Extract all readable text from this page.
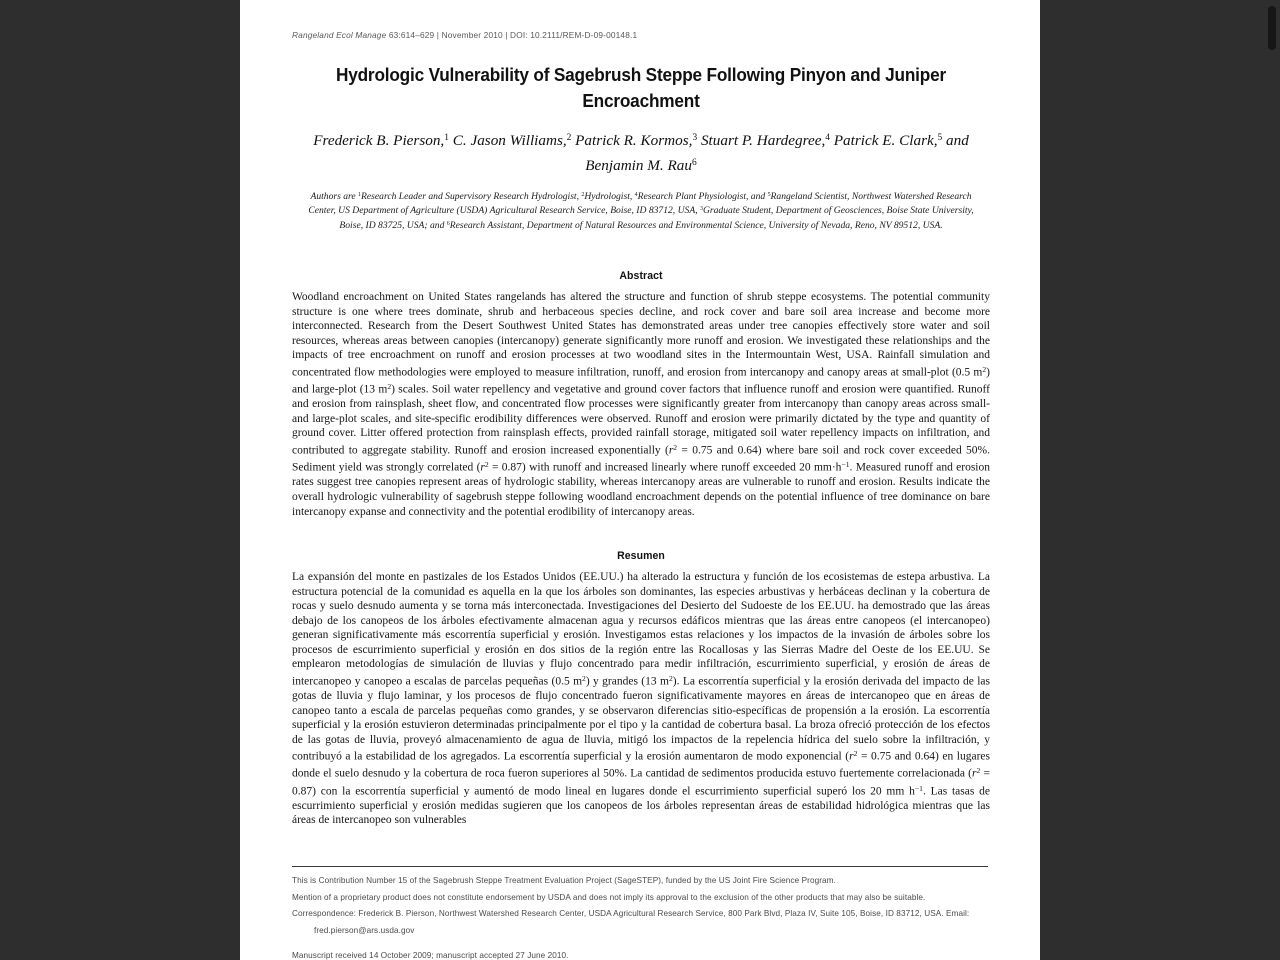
Rangeland Ecol Manage 63:614–629 | November 2010 | DOI: 10.2111/REM-D-09-00148.1
Hydrologic Vulnerability of Sagebrush Steppe Following Pinyon and Juniper Encroachment
Frederick B. Pierson,$^1$ C. Jason Williams,$^2$ Patrick R. Kormos,$^3$ Stuart P. Hardegree,$^4$ Patrick E. Clark,$^5$ and Benjamin M. Rau$^6$
Authors are $^1$Research Leader and Supervisory Research Hydrologist, $^2$Hydrologist, $^4$Research Plant Physiologist, and $^5$Rangeland Scientist, Northwest Watershed Research Center, US Department of Agriculture (USDA) Agricultural Research Service, Boise, ID 83712, USA, $^3$Graduate Student, Department of Geosciences, Boise State University, Boise, ID 83725, USA; and $^6$Research Assistant, Department of Natural Resources and Environmental Science, University of Nevada, Reno, NV 89512, USA.
Abstract

Woodland encroachment on United States rangelands has altered the structure and function of shrub steppe ecosystems. The potential community structure is one where trees dominate, shrub and herbaceous species decline, and rock cover and bare soil area increase and become more interconnected. Research from the Desert Southwest United States has demonstrated areas under tree canopies effectively store water and soil resources, whereas areas between canopies (intercanopy) generate significantly more runoff and erosion. We investigated these relationships and the impacts of tree encroachment on runoff and erosion processes at two woodland sites in the Intermountain West, USA. Rainfall simulation and concentrated flow methodologies were employed to measure infiltration, runoff, and erosion from intercanopy and canopy areas at small-plot (0.5 $m^2$) and large-plot (13 $m^2$) scales. Soil water repellency and vegetative and ground cover factors that influence runoff and erosion were quantified. Runoff and erosion from rainsplash, sheet flow, and concentrated flow processes were significantly greater from intercanopy than canopy areas across small- and large-plot scales, and site-specific erodibility differences were observed. Runoff and erosion were primarily dictated by the type and quantity of ground cover. Litter offered protection from rainsplash effects, provided rainfall storage, mitigated soil water repellency impacts on infiltration, and contributed to aggregate stability. Runoff and erosion increased exponentially ($r^2 = 0.75$ and 0.64) where bare soil and rock cover exceeded 50%. Sediment yield was strongly correlated $(r^2 = 0.87)$ with runoff and increased linearly where runoff exceeded 20 $mm\cdot h^{-1}$. Measured runoff and erosion rates suggest tree canopies represent areas of hydrologic stability, whereas intercanopy areas are vulnerable to runoff and erosion. Results indicate the overall hydrologic vulnerability of sagebrush steppe following woodland encroachment depends on the potential influence of tree dominance on bare intercanopy expanse and connectivity and the potential erodibility of intercanopy areas.

Resumen

La expansión del monte en pastizales de los Estados Unidos (EE.UU.) ha alterado la estructura y función de los ecosistemas de estepa arbustiva. La estructura potencial de la comunidad es aquella en la que los árboles son dominantes, las especies arbustivas y herbáceas declinan y la cobertura de rocas y suelo desnudo aumenta y se torna más interconectada. Investigaciones del Desierto del Sudoeste de los EE.UU. ha demostrado que las áreas debajo de los canopeos de los árboles efectivamente almacenan agua y recursos edáficos mientras que las áreas entre canopeos (el intercanopeo) generan significativamente más escorrentía superficial y erosión. Investigamos estas relaciones y los impactos de la invasión de árboles sobre los procesos de escurrimiento superficial y erosión en dos sitios de la región entre las Rocallosas y las Sierras Madre del Oeste de los EE.UU. Se emplearon metodologías de simulación de lluvias y flujo concentrado para medir infiltración, escurrimiento superficial, y erosión de áreas de intercanopeo y canopeo a escalas de parcelas pequeñas (0.5 $m^2$) y grandes (13 $m^2$). La escorrentía superficial y la erosión derivada del impacto de las gotas de lluvia y flujo laminar, y los procesos de flujo concentrado fueron significativamente mayores en áreas de intercanopeo que en áreas de canopeo tanto a escala de parcelas pequeñas como grandes, y se observaron diferencias sitio-específicas de propensión a la erosión. La escorrentía superficial y la erosión estuvieron determinadas principalmente por el tipo y la cantidad de cobertura basal. La broza ofreció protección de los efectos de las gotas de lluvia, proveyó almacenamiento de agua de lluvia, mitigó los impactos de la repelencia hídrica del suelo sobre la infiltración, y contribuyó a la estabilidad de los agregados. La escorrentía superficial y la erosión aumentaron de modo exponencial ($r^2 = 0.75$ and 0.64) en lugares donde el suelo desnudo y la cobertura de roca fueron superiores al 50%. La cantidad de sedimentos producida estuvo fuertemente correlacionada $(r^2 = 0.87)$ con la escorrentía superficial y aumentó de modo lineal en lugares donde el escurrimiento superficial superó los 20 mm $h^{-1}$. Las tasas de escurrimiento superficial y erosión medidas sugieren que los canopeos de los árboles representan áreas de estabilidad hidrológica mientras que las áreas de intercanopeo son vulnerables

This is Contribution Number 15 of the Sagebrush Steppe Treatment Evaluation Project (SageSTEP), funded by the US Joint Fire Science Program.

Mention of a proprietary product does not constitute endorsement by USDA and does not imply its approval to the exclusion of the other products that may also be suitable.

Correspondence: Frederick B. Pierson, Northwest Watershed Research Center, USDA Agricultural Research Service, 800 Park Blvd, Plaza IV, Suite 105, Boise, ID 83712, USA. Email:

fred.pierson@ars.usda.gov

Manuscript received 14 October 2009; manuscript accepted 27 June 2010.
